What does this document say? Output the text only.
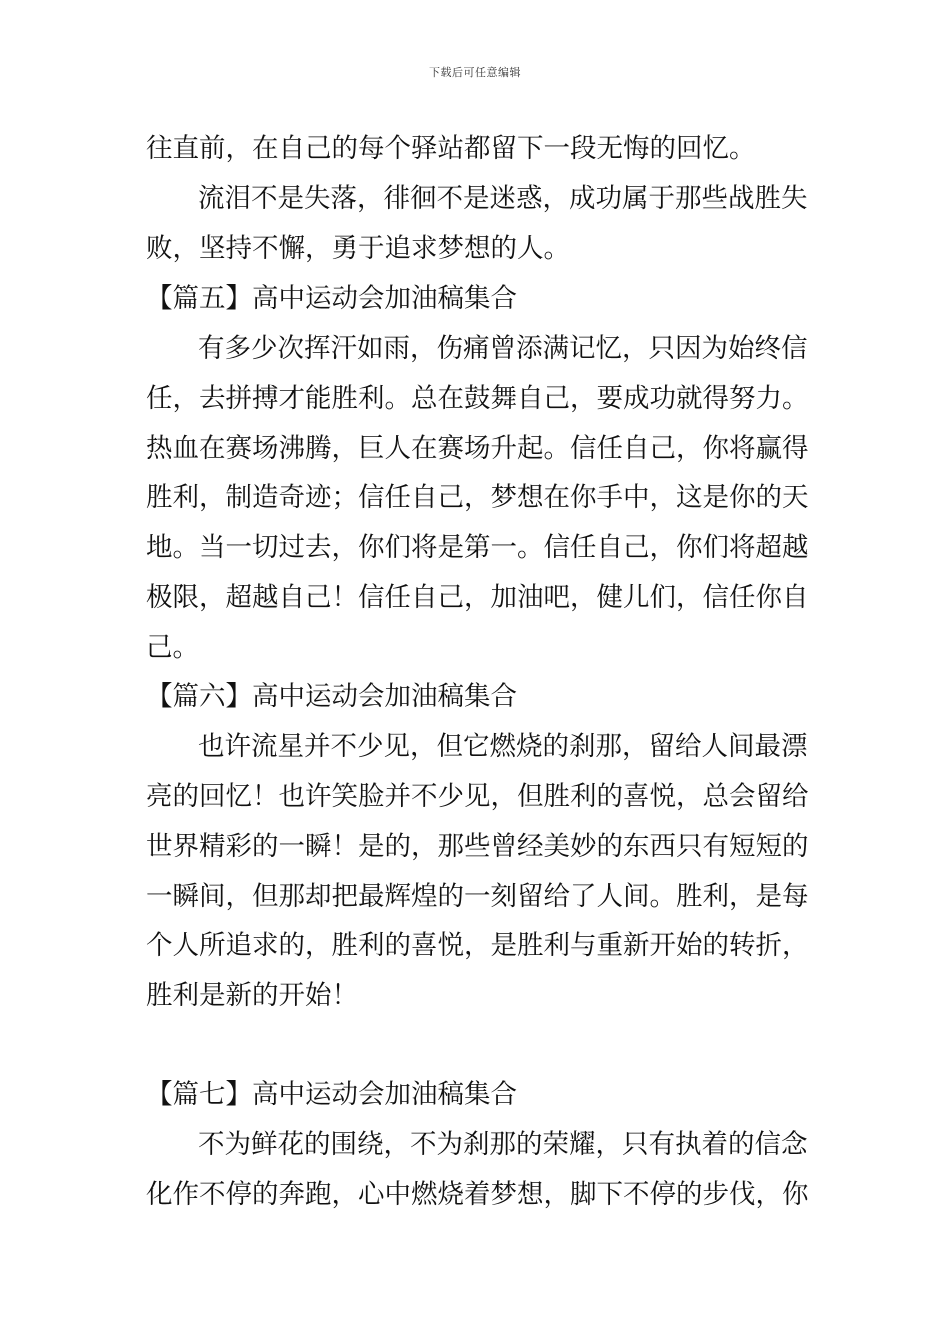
下载后可任意编辑
往直前，在自己的每个驿站都留下一段无悔的回忆。
流泪不是失落，徘徊不是迷惑，成功属于那些战胜失
败，坚持不懈，勇于追求梦想的人。
【篇五】高中运动会加油稿集合
有多少次挥汗如雨，伤痛曾添满记忆，只因为始终信
任，去拼搏才能胜利。总在鼓舞自己，要成功就得努力。
热血在赛场沸腾，巨人在赛场升起。信任自己，你将赢得
胜利，制造奇迹；信任自己，梦想在你手中，这是你的天
地。当一切过去，你们将是第一。信任自己，你们将超越
极限，超越自己！信任自己，加油吧，健儿们，信任你自
己。
【篇六】高中运动会加油稿集合
也许流星并不少见，但它燃烧的刹那，留给人间最漂
亮的回忆！也许笑脸并不少见，但胜利的喜悦，总会留给
世界精彩的一瞬！是的，那些曾经美妙的东西只有短短的
一瞬间，但那却把最辉煌的一刻留给了人间。胜利，是每
个人所追求的，胜利的喜悦，是胜利与重新开始的转折，
胜利是新的开始！
【篇七】高中运动会加油稿集合
不为鲜花的围绕，不为刹那的荣耀，只有执着的信念
化作不停的奔跑，心中燃烧着梦想，脚下不停的步伐，你
